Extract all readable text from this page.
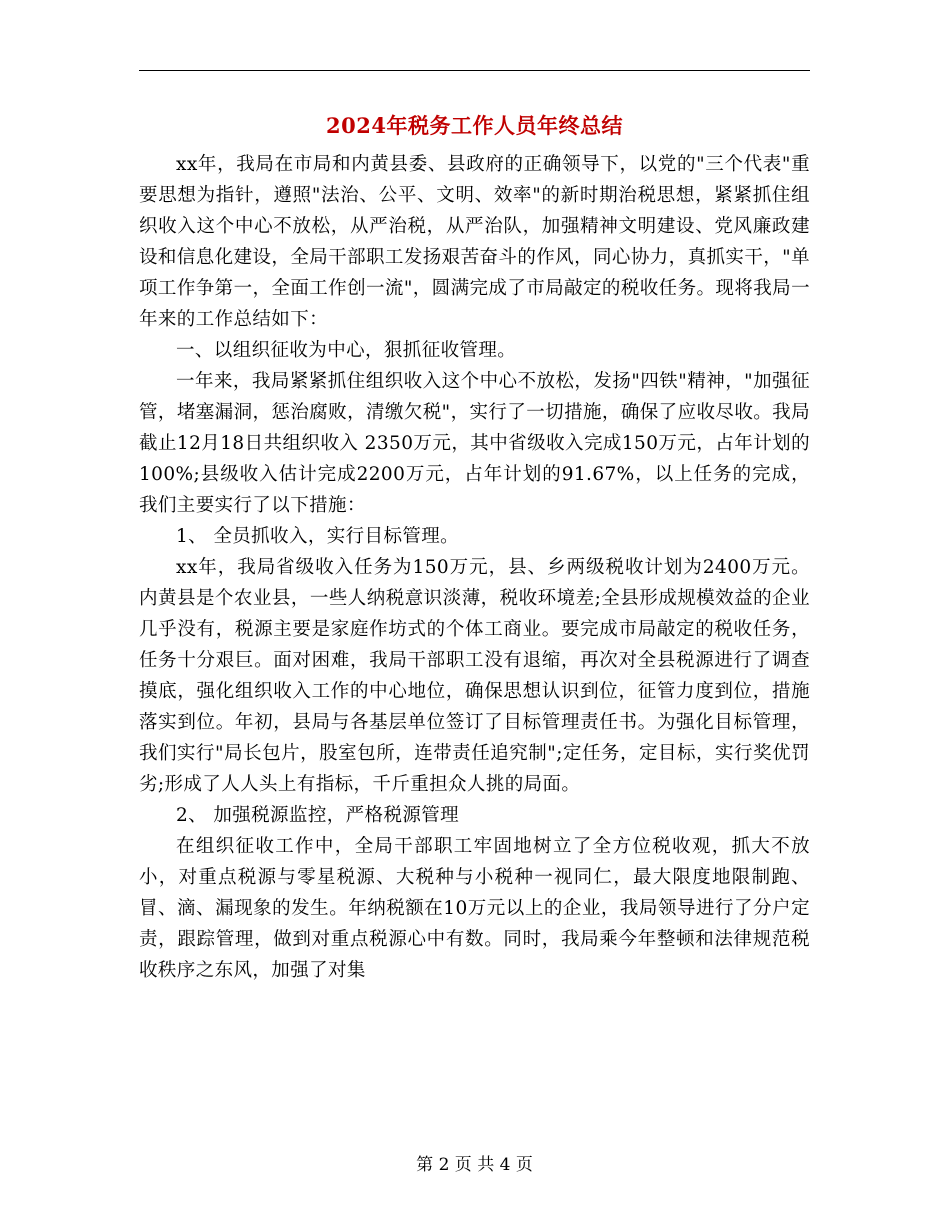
2024年税务工作人员年终总结

xx年，我局在市局和内黄县委、县政府的正确领导下，以党的"三个代表"重要思想为指针，遵照"法治、公平、文明、效率"的新时期治税思想，紧紧抓住组织收入这个中心不放松，从严治税，从严治队，加强精神文明建设、党风廉政建设和信息化建设，全局干部职工发扬艰苦奋斗的作风，同心协力，真抓实干，"单项工作争第一，全面工作创一流"，圆满完成了市局敲定的税收任务。现将我局一年来的工作总结如下：

一、以组织征收为中心，狠抓征收管理。

一年来，我局紧紧抓住组织收入这个中心不放松，发扬"四铁"精神，"加强征管，堵塞漏洞，惩治腐败，清缴欠税"，实行了一切措施，确保了应收尽收。我局截止12月18日共组织收入 2350万元，其中省级收入完成150万元，占年计划的100%;县级收入估计完成2200万元，占年计划的91.67%，以上任务的完成，我们主要实行了以下措施：

1、 全员抓收入，实行目标管理。

xx年，我局省级收入任务为150万元，县、乡两级税收计划为2400万元。内黄县是个农业县，一些人纳税意识淡薄，税收环境差;全县形成规模效益的企业几乎没有，税源主要是家庭作坊式的个体工商业。要完成市局敲定的税收任务，任务十分艰巨。面对困难，我局干部职工没有退缩，再次对全县税源进行了调查摸底，强化组织收入工作的中心地位，确保思想认识到位，征管力度到位，措施落实到位。年初，县局与各基层单位签订了目标管理责任书。为强化目标管理，我们实行"局长包片，股室包所，连带责任追究制";定任务，定目标，实行奖优罚劣;形成了人人头上有指标，千斤重担众人挑的局面。

2、 加强税源监控，严格税源管理

在组织征收工作中，全局干部职工牢固地树立了全方位税收观，抓大不放小，对重点税源与零星税源、大税种与小税种一视同仁，最大限度地限制跑、冒、滴、漏现象的发生。年纳税额在10万元以上的企业，我局领导进行了分户定责，跟踪管理，做到对重点税源心中有数。同时，我局乘今年整顿和法律规范税收秩序之东风，加强了对集

第 2 页 共 4 页
